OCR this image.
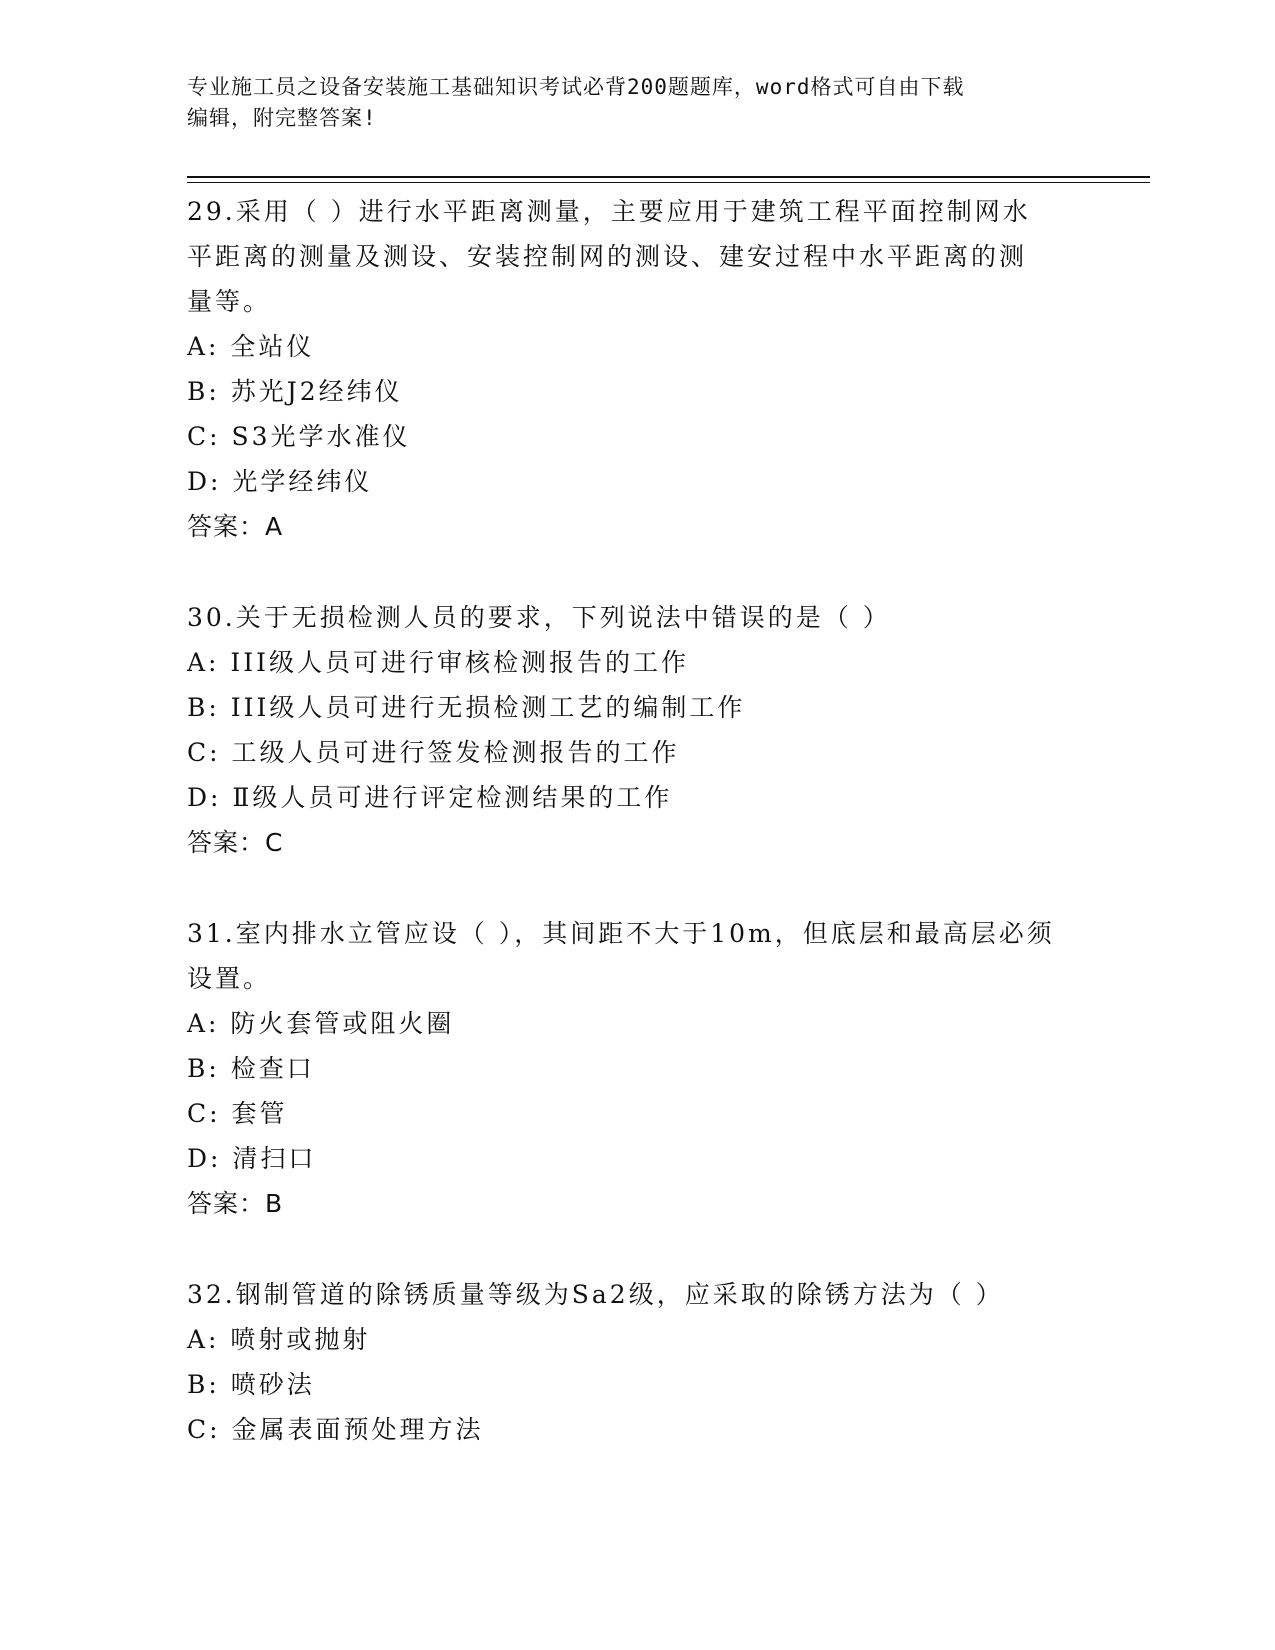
专业施工员之设备安装施工基础知识考试必背200题题库，word格式可自由下载
编辑，附完整答案!

29.采用（ ）进行水平距离测量，主要应用于建筑工程平面控制网水

平距离的测量及测设、安装控制网的测设、建安过程中水平距离的测

量等。

A: 全站仪

B: 苏光J2经纬仪

C: S3光学水准仪

D: 光学经纬仪

答案：A

30.关于无损检测人员的要求，下列说法中错误的是（ ）

A: III级人员可进行审核检测报告的工作

B: III级人员可进行无损检测工艺的编制工作

C: 工级人员可进行签发检测报告的工作

D: Ⅱ级人员可进行评定检测结果的工作

答案：C

31.室内排水立管应设（ ），其间距不大于10m，但底层和最高层必须

设置。

A: 防火套管或阻火圈

B: 检查口

C: 套管

D: 清扫口

答案：B

32.钢制管道的除锈质量等级为Sa2级，应采取的除锈方法为（ ）

A: 喷射或抛射

B: 喷砂法

C: 金属表面预处理方法
